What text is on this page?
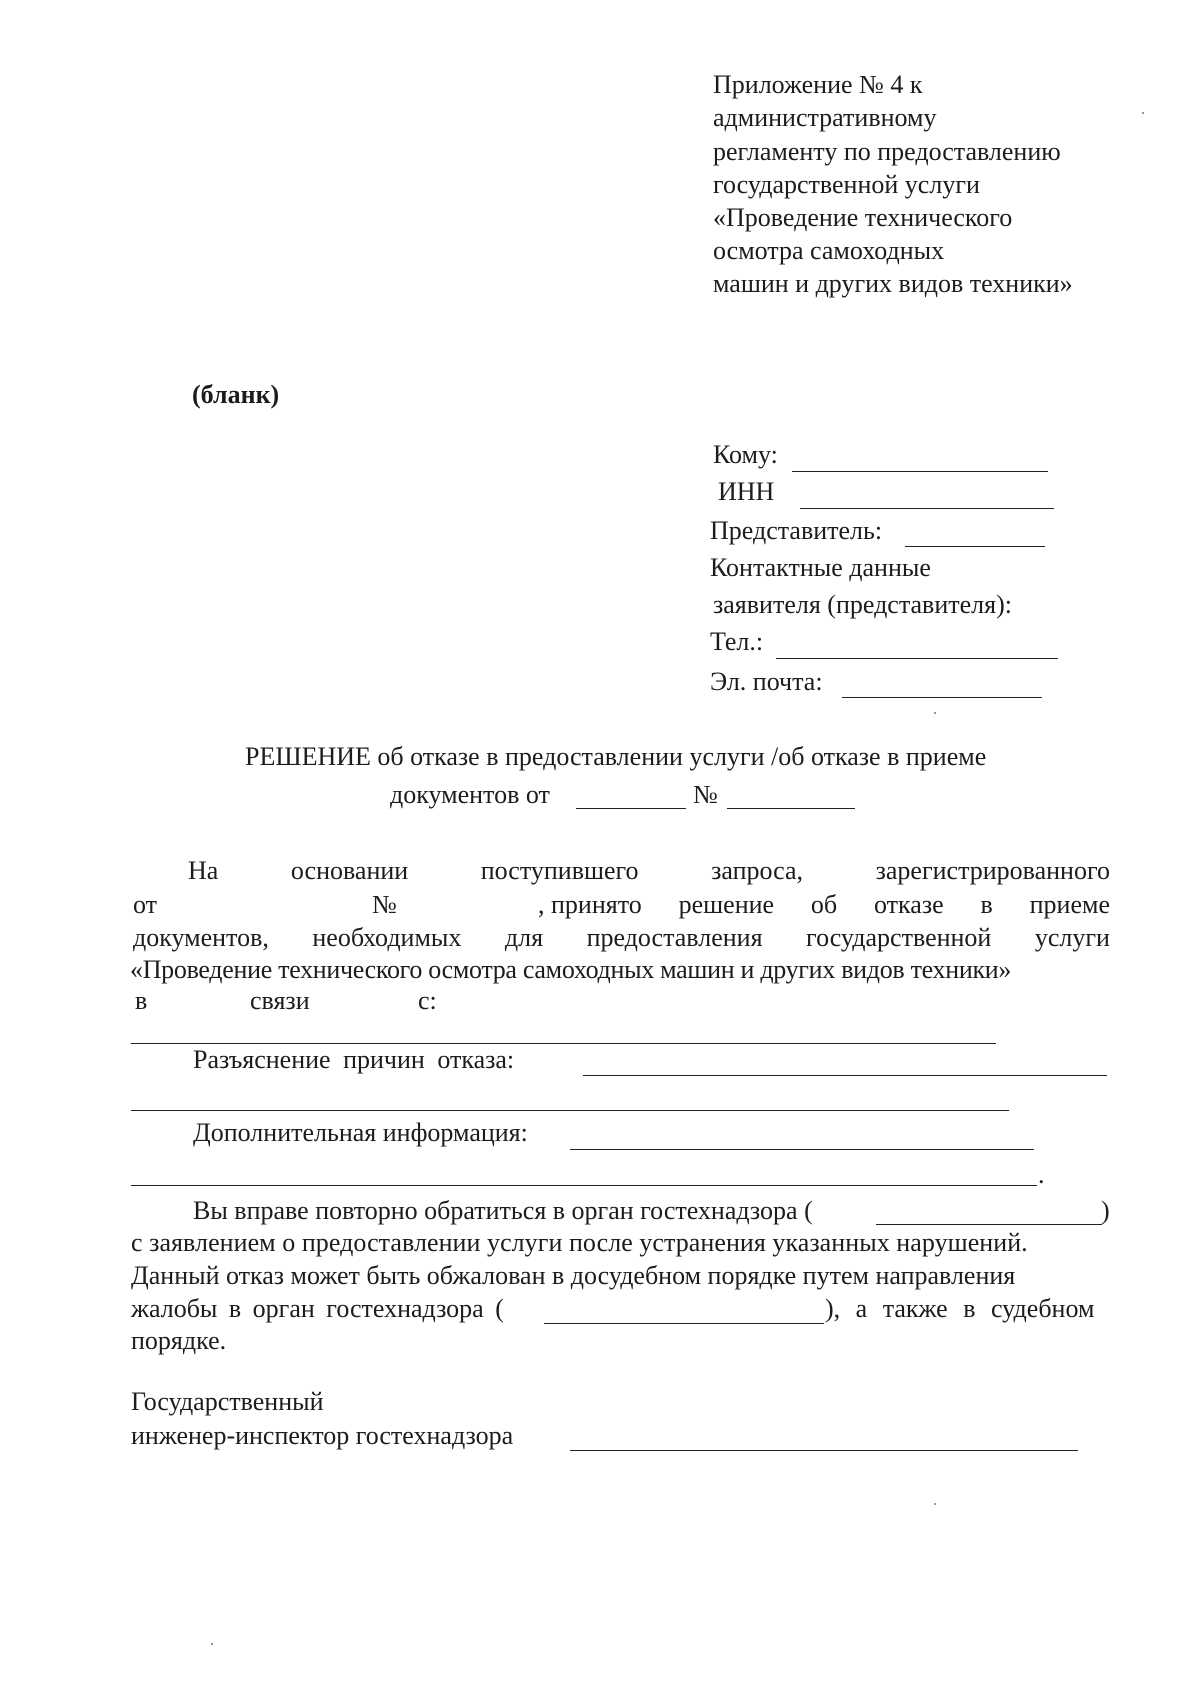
Приложение № 4 к
административному
регламенту по предоставлению
государственной услуги
«Проведение технического
осмотра самоходных
машин и других видов техники»
(бланк)
Кому:
ИНН
Представитель:
Контактные данные
заявителя (представителя):
Тел.:
Эл. почта:
РЕШЕНИЕ об отказе в предоставлении услуги /об отказе в приеме
документов от	№
На	основании	поступившего	запроса,	зарегистрированного
от	№	, принято решение об отказе в приеме
документов, необходимых для предоставления государственной услуги
«Проведение технического осмотра самоходных машин и других видов техники»
в	связи	с:
Разъяснение причин отказа:
Дополнительная информация:
.
Вы вправе повторно обратиться в орган гостехнадзора (	)
с заявлением о предоставлении услуги после устранения указанных нарушений.
Данный отказ может быть обжалован в досудебном порядке путем направления
жалобы в орган гостехнадзора (	), а также в судебном
порядке.
Государственный
инженер-инспектор гостехнадзора
